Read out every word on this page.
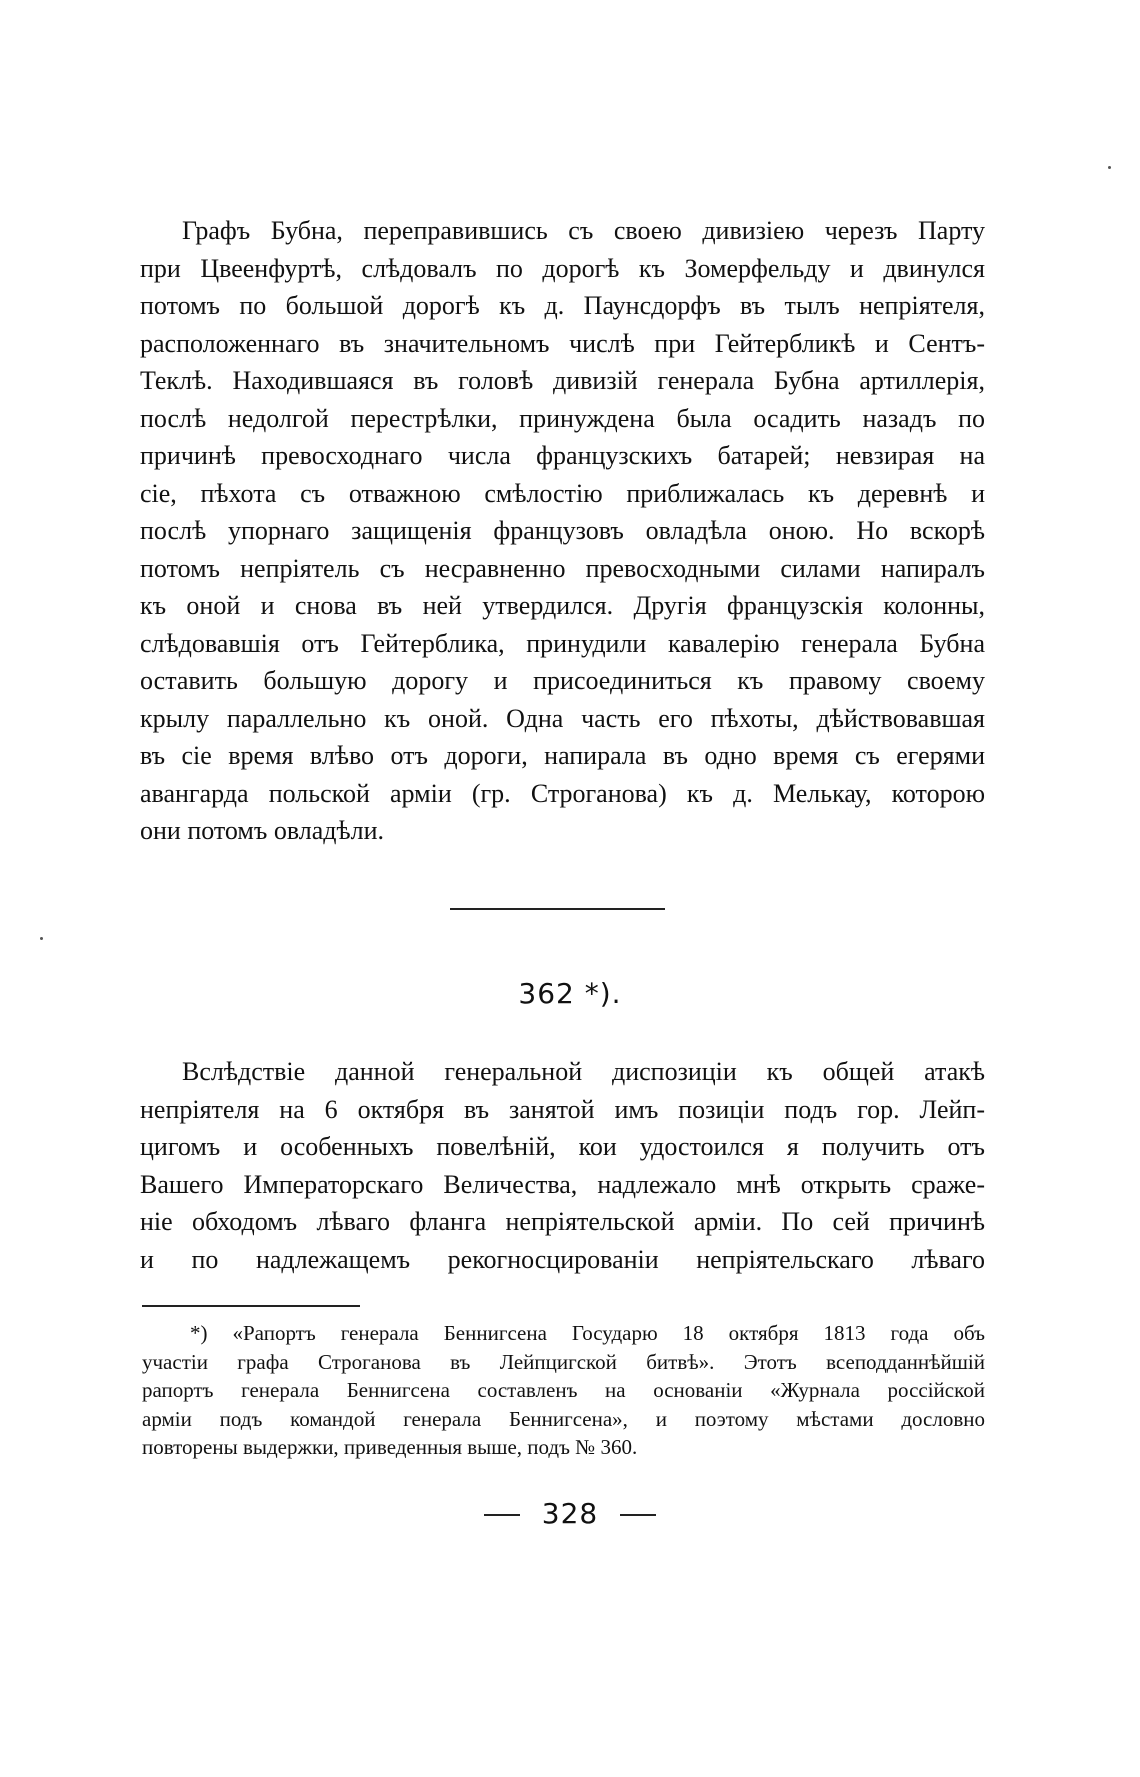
Графъ Бубна, переправившись съ своею дивизіею черезъ Парту
при Цвеенфуртѣ, слѣдовалъ по дорогѣ къ Зомерфельду и двинулся
потомъ по большой дорогѣ къ д. Паунсдорфъ въ тылъ непріятеля,
расположеннаго въ значительномъ числѣ при Гейтербликѣ и Сентъ-
Теклѣ. Находившаяся въ головѣ дивизій генерала Бубна артиллерія,
послѣ недолгой перестрѣлки, принуждена была осадить назадъ по
причинѣ превосходнаго числа французскихъ батарей; невзирая на
сіе, пѣхота съ отважною смѣлостію приближалась къ деревнѣ и
послѣ упорнаго защищенія французовъ овладѣла оною. Но вскорѣ
потомъ непріятель съ несравненно превосходными силами напиралъ
къ оной и снова въ ней утвердился. Другія французскія колонны,
слѣдовавшія отъ Гейтерблика, принудили кавалерію генерала Бубна
оставить большую дорогу и присоединиться къ правому своему
крылу параллельно къ оной. Одна часть его пѣхоты, дѣйствовавшая
въ сіе время влѣво отъ дороги, напирала въ одно время съ егерями
авангарда польской арміи (гр. Строганова) къ д. Мелькау, которою
они потомъ овладѣли.
362 *).
Вслѣдствіе данной генеральной диспозиціи къ общей атакѣ
непріятеля на 6 октября въ занятой имъ позиціи подъ гор. Лейп-
цигомъ и особенныхъ повелѣній, кои удостоился я получить отъ
Вашего Императорскаго Величества, надлежало мнѣ открыть сраже-
ніе обходомъ лѣваго фланга непріятельской арміи. По сей причинѣ
и по надлежащемъ рекогносцированіи непріятельскаго лѣваго
*) «Рапортъ генерала Беннигсена Государю 18 октября 1813 года объ
участіи графа Строганова въ Лейпцигской битвѣ». Этотъ всеподданнѣйшій
рапортъ генерала Беннигсена составленъ на основаніи «Журнала россійской
арміи подъ командой генерала Беннигсена», и поэтому мѣстами дословно
повторены выдержки, приведенныя выше, подъ № 360.
328
